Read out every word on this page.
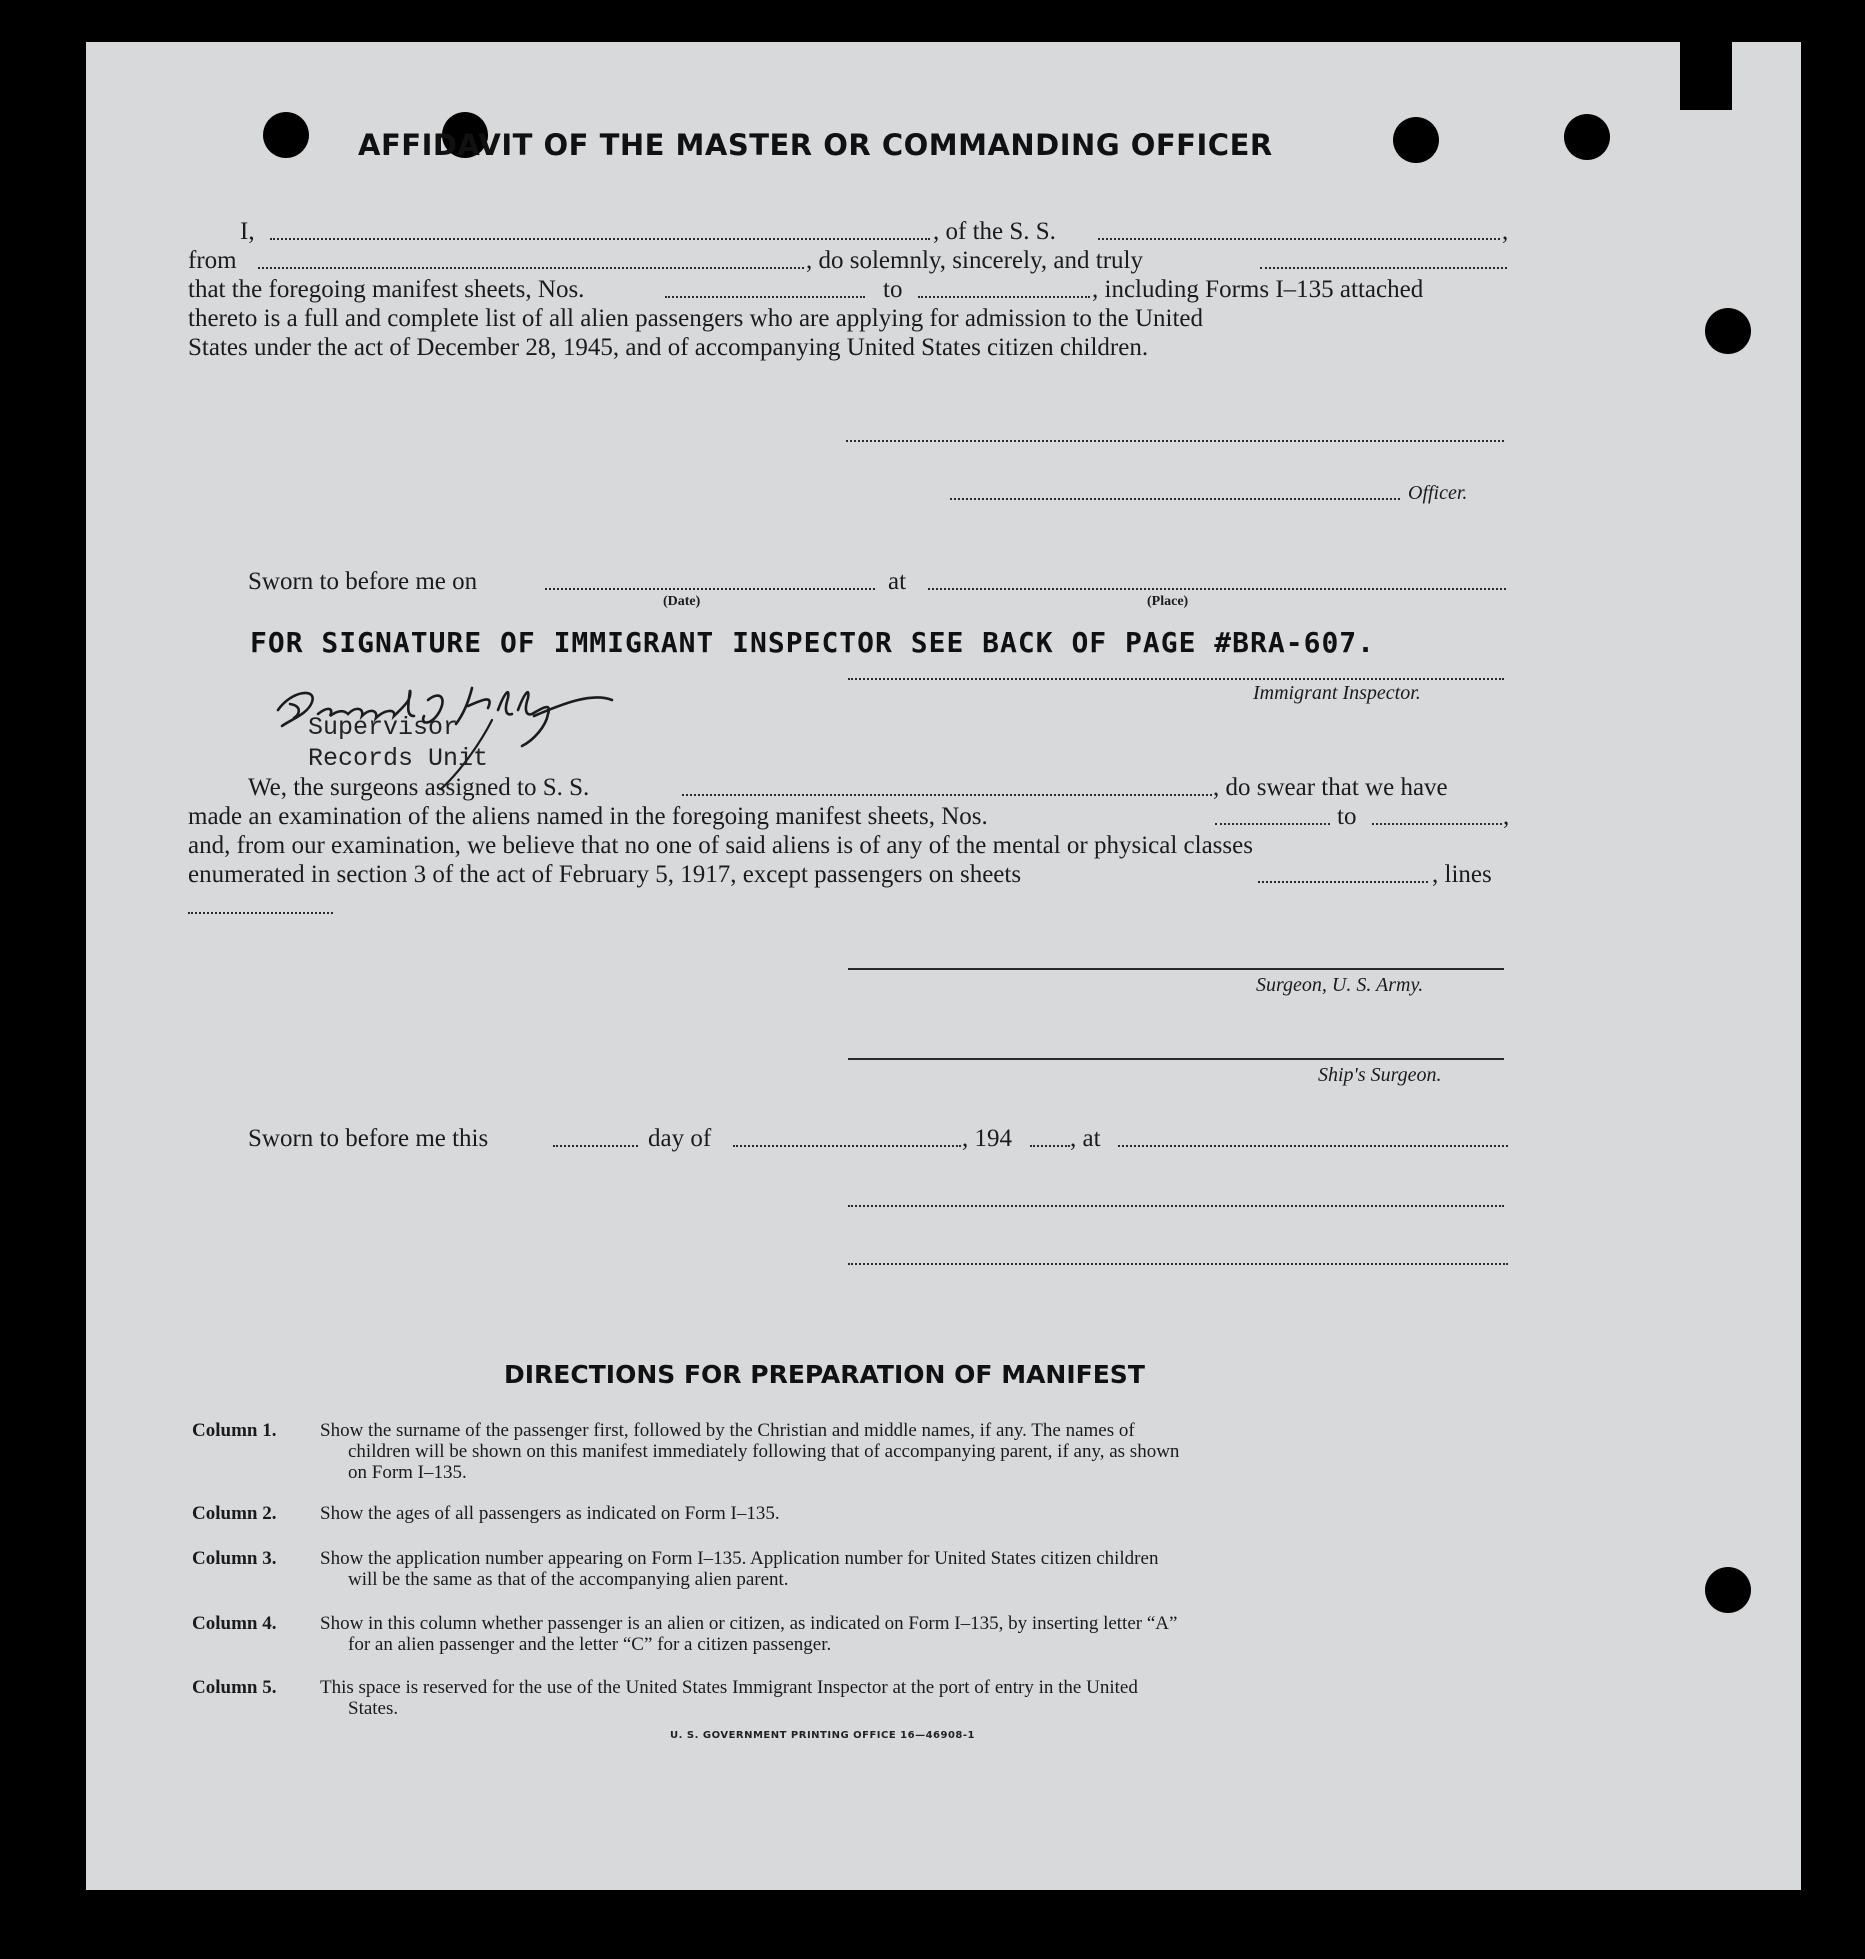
AFFIDAVIT OF THE MASTER OR COMMANDING OFFICER
I,	, of the S. S.	,
from	, do solemnly, sincerely, and truly
that the foregoing manifest sheets, Nos.	to	, including Forms I–135 attached
thereto is a full and complete list of all alien passengers who are applying for admission to the United
States under the act of December 28, 1945, and of accompanying United States citizen children.
Officer.
Sworn to before me on	at
(Date)	(Place)
FOR SIGNATURE OF IMMIGRANT INSPECTOR SEE BACK OF PAGE #BRA-607.
Immigrant Inspector.
Supervisor
Records Unit
We, the surgeons assigned to S. S.	, do swear that we have
made an examination of the aliens named in the foregoing manifest sheets, Nos.	to	,
and, from our examination, we believe that no one of said aliens is of any of the mental or physical classes
enumerated in section 3 of the act of February 5, 1917, except passengers on sheets	, lines
Surgeon, U. S. Army.
Ship's Surgeon.
Sworn to before me this	day of	, 194 , at
DIRECTIONS FOR PREPARATION OF MANIFEST
Column 1. Show the surname of the passenger first, followed by the Christian and middle names, if any. The names of
children will be shown on this manifest immediately following that of accompanying parent, if any, as shown
on Form I–135.
Column 2. Show the ages of all passengers as indicated on Form I–135.
Column 3. Show the application number appearing on Form I–135. Application number for United States citizen children
will be the same as that of the accompanying alien parent.
Column 4. Show in this column whether passenger is an alien or citizen, as indicated on Form I–135, by inserting letter “A”
for an alien passenger and the letter “C” for a citizen passenger.
Column 5. This space is reserved for the use of the United States Immigrant Inspector at the port of entry in the United
States.
U. S. GOVERNMENT PRINTING OFFICE 16—46908-1
